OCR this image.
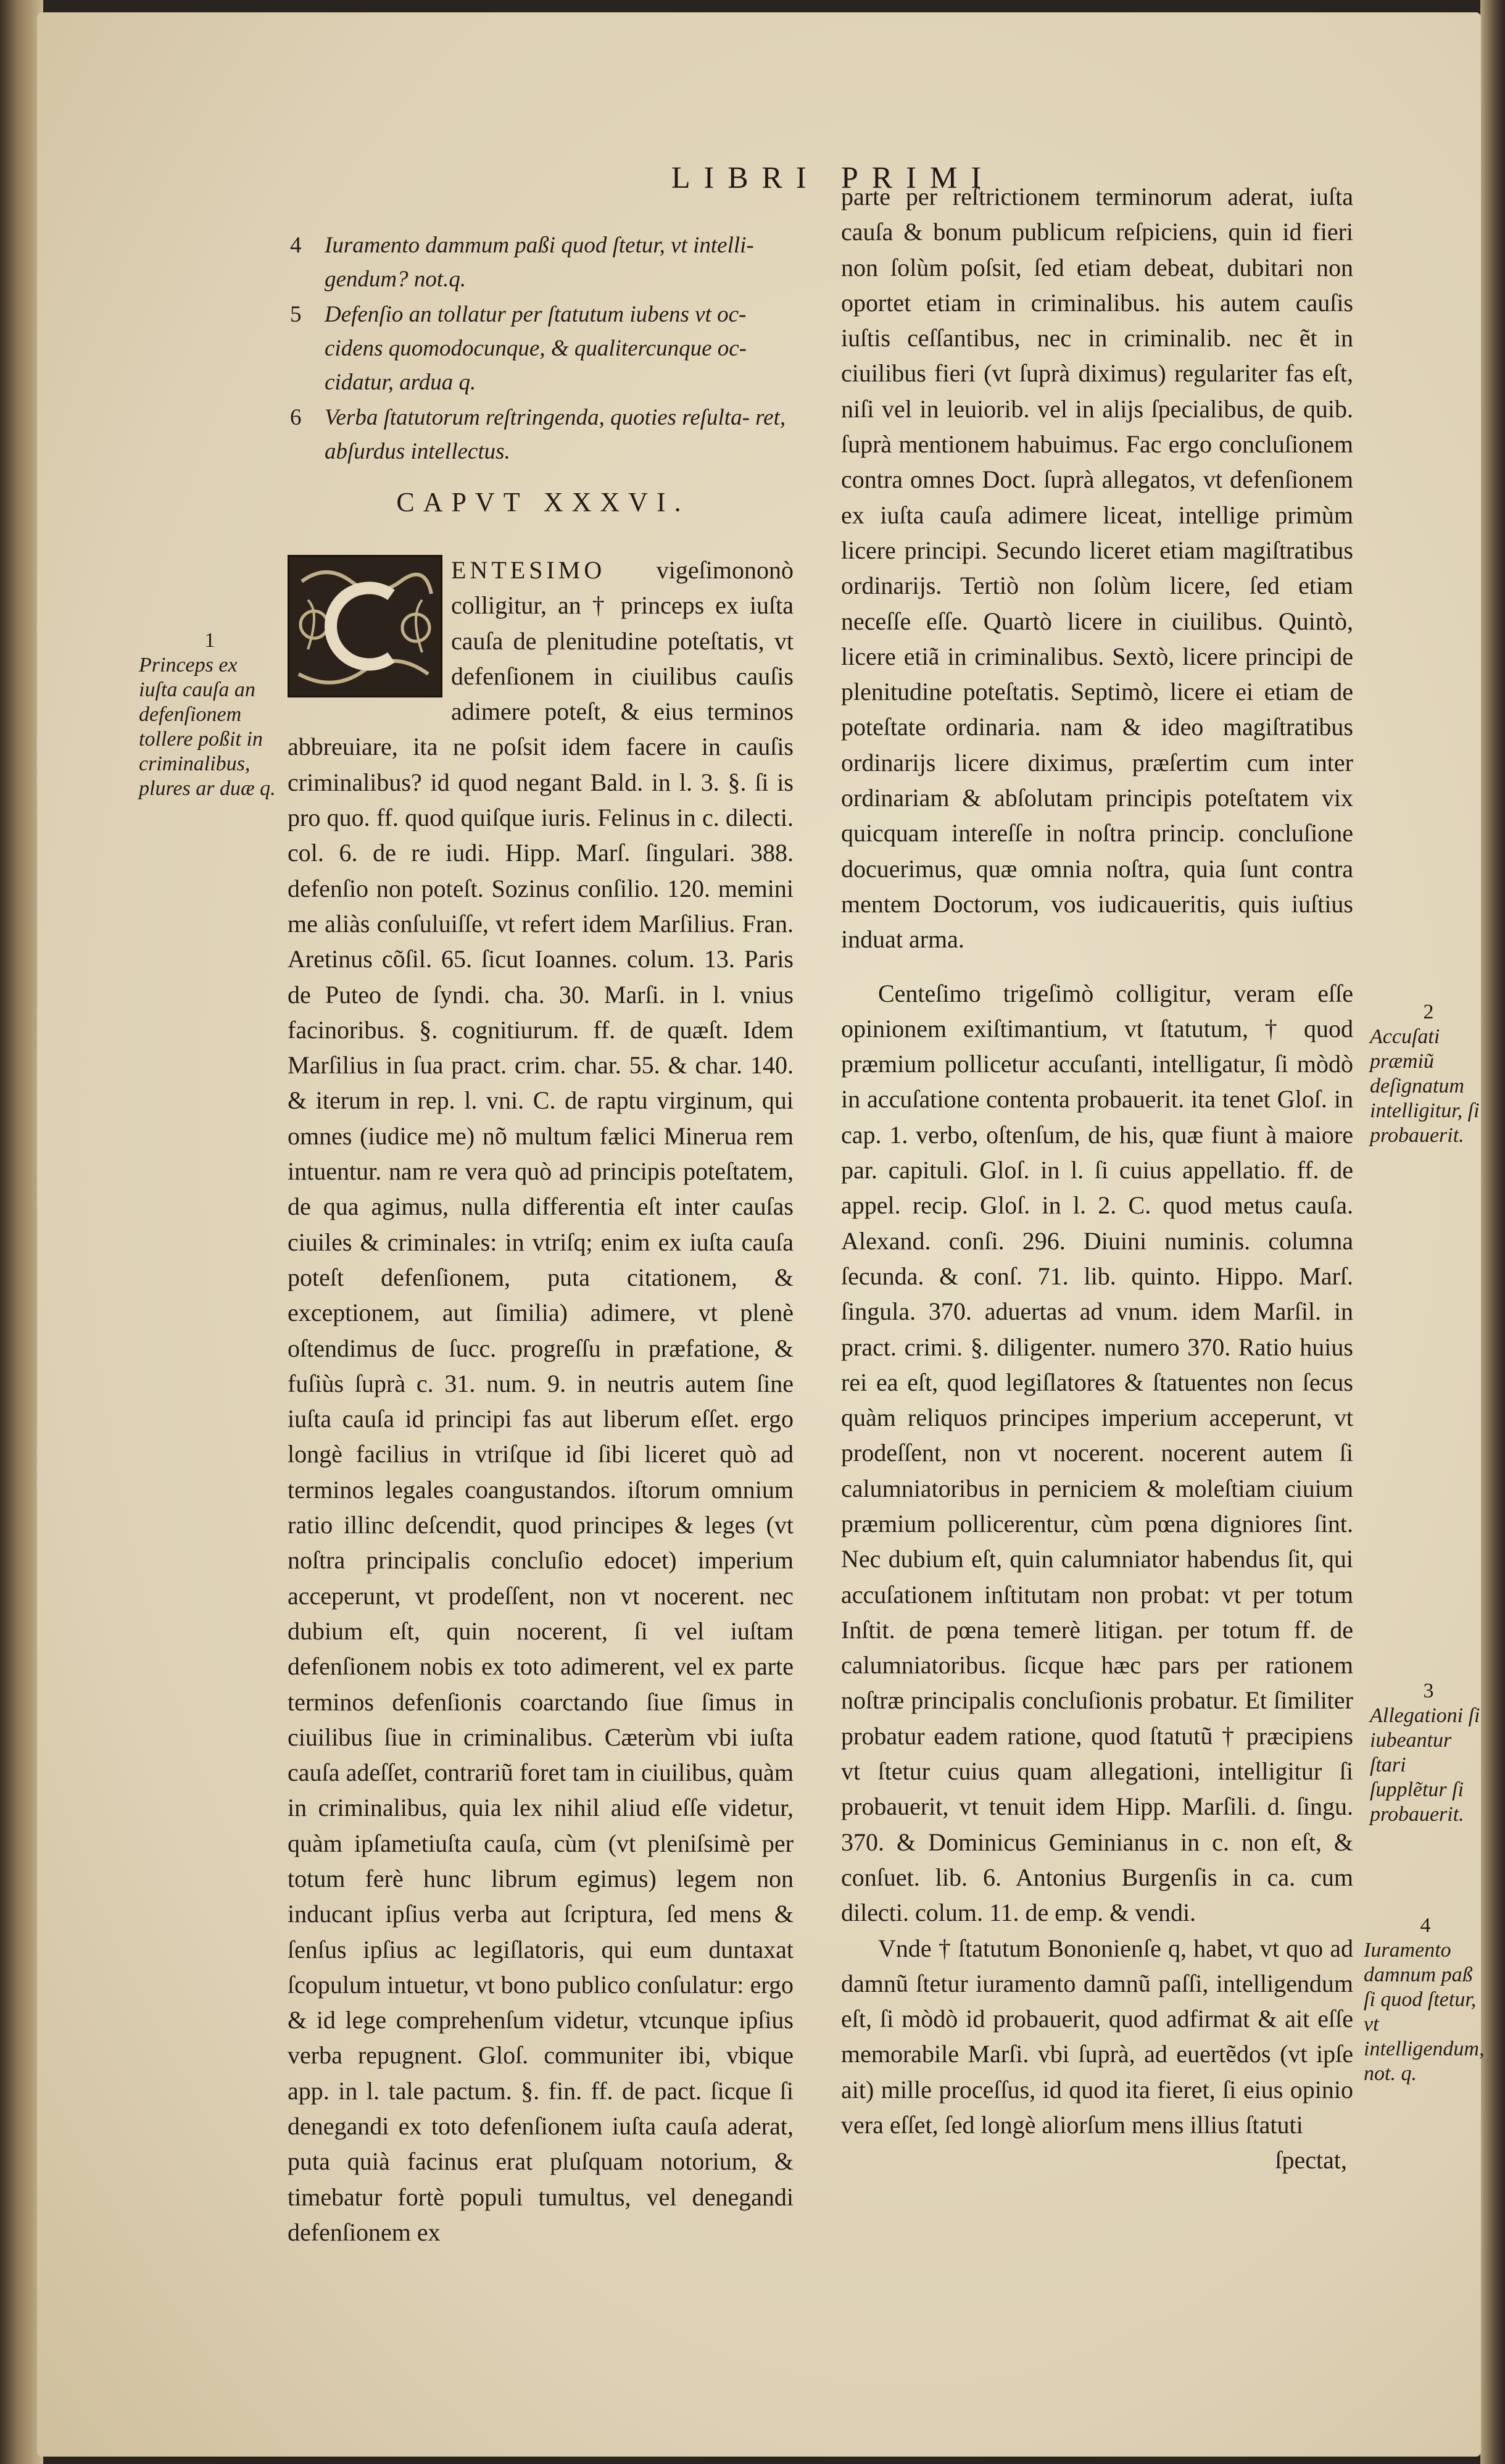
LIBRI PRIMI
4 Iuramento dammum paßi quod ſtetur, vt intelli- gendum? not.q.
5 Defenſio an tollatur per ſtatutum iubens vt oc- cidens quomodocunque, & qualitercunque oc- cidatur, ardua q.
6 Verba ſtatutorum reſtringenda, quoties reſulta- ret, abſurdus intellectus.
CAPVT XXXVI.

ENTESIMO vigeſimononò colligitur, an † princeps ex iuſta cauſa de plenitudine poteſtatis, vt defenſionem in ciuilibus cauſis adimere poteſt, & eius terminos abbreuiare, ita ne poſsit idem facere in cauſis criminalibus? id quod negant Bald. in l. 3. §. ſi is pro quo. ff. quod quiſque iuris. Felinus in c. dilecti. col. 6. de re iudi. Hipp. Marſ. ſingulari. 388. defenſio non poteſt. Sozinus conſilio. 120. memini me aliàs conſuluiſſe, vt refert idem Marſilius. Fran. Aretinus cõſil. 65. ſicut Ioannes. colum. 13. Paris de Puteo de ſyndi. cha. 30. Marſi. in l. vnius facinoribus. §. cognitiurum. ff. de quæſt. Idem Marſilius in ſua pract. crim. char. 55. & char. 140. & iterum in rep. l. vni. C. de raptu virginum, qui omnes (iudice me) nõ multum fælici Minerua rem intuentur. nam re vera quò ad principis poteſtatem, de qua agimus, nulla differentia eſt inter cauſas ciuiles & criminales: in vtriſq; enim ex iuſta cauſa poteſt defenſionem, puta citationem, & exceptionem, aut ſimilia) adimere, vt plenè oſtendimus de ſucc. progreſſu in præfatione, & fuſiùs ſuprà c. 31. num. 9. in neutris autem ſine iuſta cauſa id principi fas aut liberum eſſet. ergo longè facilius in vtriſque id ſibi liceret quò ad terminos legales coangustandos. iſtorum omnium ratio illinc deſcendit, quod principes & leges (vt noſtra principalis concluſio edocet) imperium acceperunt, vt prodeſſent, non vt nocerent. nec dubium eſt, quin nocerent, ſi vel iuſtam defenſionem nobis ex toto adimerent, vel ex parte terminos defenſionis coarctando ſiue ſimus in ciuilibus ſiue in criminalibus. Cæterùm vbi iuſta cauſa adeſſet, contrariũ foret tam in ciuilibus, quàm in criminalibus, quia lex nihil aliud eſſe videtur, quàm ipſametiuſta cauſa, cùm (vt pleniſsimè per totum ferè hunc librum egimus) legem non inducant ipſius verba aut ſcriptura, ſed mens & ſenſus ipſius ac legiſlatoris, qui eum duntaxat ſcopulum intuetur, vt bono publico conſulatur: ergo & id lege comprehenſum videtur, vtcunque ipſius verba repugnent. Gloſ. communiter ibi, vbique app. in l. tale pactum. §. fin. ff. de pact. ſicque ſi denegandi ex toto defenſionem iuſta cauſa aderat, puta quià facinus erat pluſquam notorium, & timebatur fortè populi tumultus, vel denegandi defenſionem ex

parte per reſtrictionem terminorum aderat, iuſta cauſa & bonum publicum reſpiciens, quin id fieri non ſolùm poſsit, ſed etiam debeat, dubitari non oportet etiam in criminalibus. his autem cauſis iuſtis ceſſantibus, nec in criminalib. nec ẽt in ciuilibus fieri (vt ſuprà diximus) regulariter fas eſt, niſi vel in leuiorib. vel in alijs ſpecialibus, de quib. ſuprà mentionem habuimus. Fac ergo concluſionem contra omnes Doct. ſuprà allegatos, vt defenſionem ex iuſta cauſa adimere liceat, intellige primùm licere principi. Secundo liceret etiam magiſtratibus ordinarijs. Tertiò non ſolùm licere, ſed etiam neceſſe eſſe. Quartò licere in ciuilibus. Quintò, licere etiã in criminalibus. Sextò, licere principi de plenitudine poteſtatis. Septimò, licere ei etiam de poteſtate ordinaria. nam & ideo magiſtratibus ordinarijs licere diximus, præſertim cum inter ordinariam & abſolutam principis poteſtatem vix quicquam intereſſe in noſtra princip. concluſione docuerimus, quæ omnia noſtra, quia ſunt contra mentem Doctorum, vos iudicaueritis, quis iuſtius induat arma.

Centeſimo trigeſimò colligitur, veram eſſe opinionem exiſtimantium, vt ſtatutum, † quod præmium pollicetur accuſanti, intelligatur, ſi mòdò in accuſatione contenta probauerit. ita tenet Gloſ. in cap. 1. verbo, oſtenſum, de his, quæ fiunt à maiore par. capituli. Gloſ. in l. ſi cuius appellatio. ff. de appel. recip. Gloſ. in l. 2. C. quod metus cauſa. Alexand. conſi. 296. Diuini numinis. columna ſecunda. & conſ. 71. lib. quinto. Hippo. Marſ. ſingula. 370. aduertas ad vnum. idem Marſil. in pract. crimi. §. diligenter. numero 370. Ratio huius rei ea eſt, quod legiſlatores & ſtatuentes non ſecus quàm reliquos principes imperium acceperunt, vt prodeſſent, non vt nocerent. nocerent autem ſi calumniatoribus in perniciem & moleſtiam ciuium præmium pollicerentur, cùm pœna digniores ſint. Nec dubium eſt, quin calumniator habendus ſit, qui accuſationem inſtitutam non probat: vt per totum Inſtit. de pœna temerè litigan. per totum ff. de calumniatoribus. ſicque hæc pars per rationem noſtræ principalis concluſionis probatur. Et ſimiliter probatur eadem ratione, quod ſtatutũ † præcipiens vt ſtetur cuius quam allegationi, intelligitur ſi probauerit, vt tenuit idem Hipp. Marſili. d. ſingu. 370. & Dominicus Geminianus in c. non eſt, & conſuet. lib. 6. Antonius Burgenſis in ca. cum dilecti. colum. 11. de emp. & vendi.

Vnde † ſtatutum Bononienſe q, habet, vt quo ad damnũ ſtetur iuramento damnũ paſſi, intelligendum eſt, ſi mòdò id probauerit, quod adfirmat & ait eſſe memorabile Marſi. vbi ſuprà, ad euertẽdos (vt ipſe ait) mille proceſſus, id quod ita fieret, ſi eius opinio vera eſſet, ſed longè aliorſum mens illius ſtatuti

ſpectat,

1
Princeps ex iuſta cauſa an defenſionem tollere poßit in criminalibus, plures ar duæ q.
2
Accuſati præmiũ deſignatum intelligitur, ſi probauerit.
3
Allegationi ſi iubeantur ſtari ſupplẽtur ſi probauerit.
4
Iuramento damnum paß ſi quod ſtetur, vt intelligendum, not. q.
